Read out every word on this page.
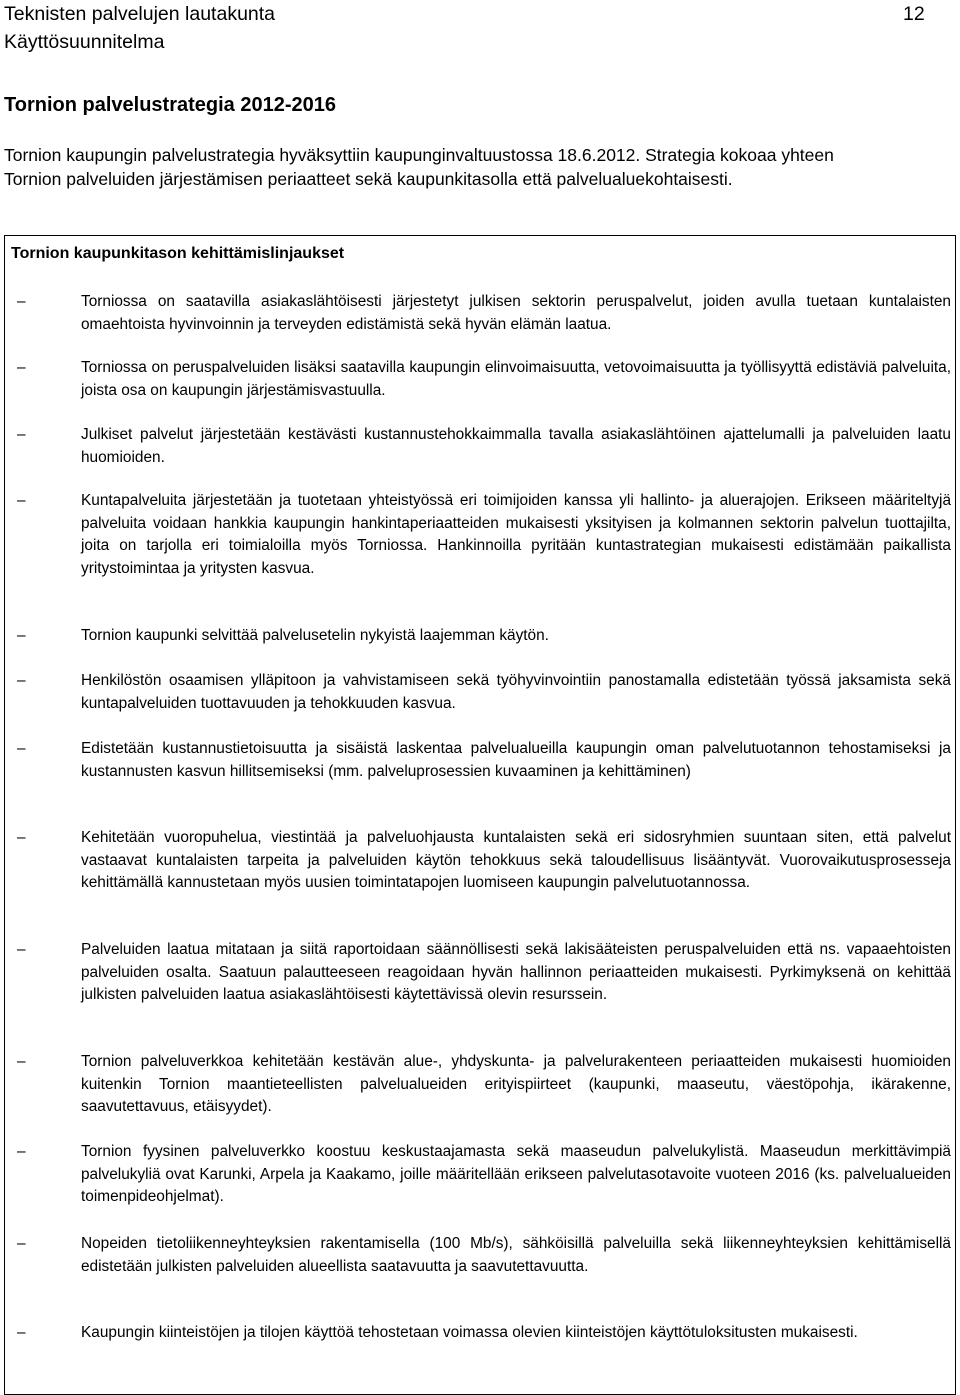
Teknisten palvelujen lautakunta
Käyttösuunnitelma
12
Tornion palvelustrategia 2012-2016

Tornion kaupungin palvelustrategia hyväksyttiin kaupunginvaltuustossa 18.6.2012. Strategia kokoaa yhteen Tornion palveluiden järjestämisen periaatteet sekä kaupunkitasolla että palvelualuekohtaisesti.

Tornion kaupunkitason kehittämislinjaukset
–	Torniossa on saatavilla asiakaslähtöisesti järjestetyt julkisen sektorin peruspalvelut, joiden avulla tuetaan kuntalaisten omaehtoista hyvinvoinnin ja terveyden edistämistä sekä hyvän elämän laatua.

–	Torniossa on peruspalveluiden lisäksi saatavilla kaupungin elinvoimaisuutta, vetovoimaisuutta ja työllisyyttä edistäviä palveluita, joista osa on kaupungin järjestämisvastuulla.

–	Julkiset palvelut järjestetään kestävästi kustannustehokkaimmalla tavalla asiakaslähtöinen ajattelumalli ja palveluiden laatu huomioiden.

–	Kuntapalveluita järjestetään ja tuotetaan yhteistyössä eri toimijoiden kanssa yli hallinto- ja aluerajojen. Erikseen määriteltyjä palveluita voidaan hankkia kaupungin hankintaperiaatteiden mukaisesti yksityisen ja kolmannen sektorin palvelun tuottajilta, joita on tarjolla eri toimialoilla myös Torniossa. Hankinnoilla pyritään kuntastrategian mukaisesti edistämään paikallista yritystoimintaa ja yritysten kasvua.

–	Tornion kaupunki selvittää palvelusetelin nykyistä laajemman käytön.

–	Henkilöstön osaamisen ylläpitoon ja vahvistamiseen sekä työhyvinvointiin panostamalla edistetään työssä jaksamista sekä kuntapalveluiden tuottavuuden ja tehokkuuden kasvua.

–	Edistetään kustannustietoisuutta ja sisäistä laskentaa palvelualueilla kaupungin oman palvelutuotannon tehostamiseksi ja kustannusten kasvun hillitsemiseksi (mm. palveluprosessien kuvaaminen ja kehittäminen)

–	Kehitetään vuoropuhelua, viestintää ja palveluohjausta kuntalaisten sekä eri sidosryhmien suuntaan siten, että palvelut vastaavat kuntalaisten tarpeita ja palveluiden käytön tehokkuus sekä taloudellisuus lisääntyvät. Vuorovaikutusprosesseja kehittämällä kannustetaan myös uusien toimintatapojen luomiseen kaupungin palvelutuotannossa.

–	Palveluiden laatua mitataan ja siitä raportoidaan säännöllisesti sekä lakisääteisten peruspalveluiden että ns. vapaaehtoisten palveluiden osalta. Saatuun palautteeseen reagoidaan hyvän hallinnon periaatteiden mukaisesti. Pyrkimyksenä on kehittää julkisten palveluiden laatua asiakaslähtöisesti käytettävissä olevin resurssein.

–	Tornion palveluverkkoa kehitetään kestävän alue-, yhdyskunta- ja palvelurakenteen periaatteiden mukaisesti huomioiden kuitenkin Tornion maantieteellisten palvelualueiden erityispiirteet (kaupunki, maaseutu, väestöpohja, ikärakenne, saavutettavuus, etäisyydet).

–	Tornion fyysinen palveluverkko koostuu keskustaajamasta sekä maaseudun palvelukylistä. Maaseudun merkittävimpiä palvelukyliä ovat Karunki, Arpela ja Kaakamo, joille määritellään erikseen palvelutasotavoite vuoteen 2016 (ks. palvelualueiden toimenpideohjelmat).

–	Nopeiden tietoliikenneyhteyksien rakentamisella (100 Mb/s), sähköisillä palveluilla sekä liikenneyhteyksien kehittämisellä edistetään julkisten palveluiden alueellista saatavuutta ja saavutettavuutta.

–	Kaupungin kiinteistöjen ja tilojen käyttöä tehostetaan voimassa olevien kiinteistöjen käyttötuloksitusten mukaisesti.
